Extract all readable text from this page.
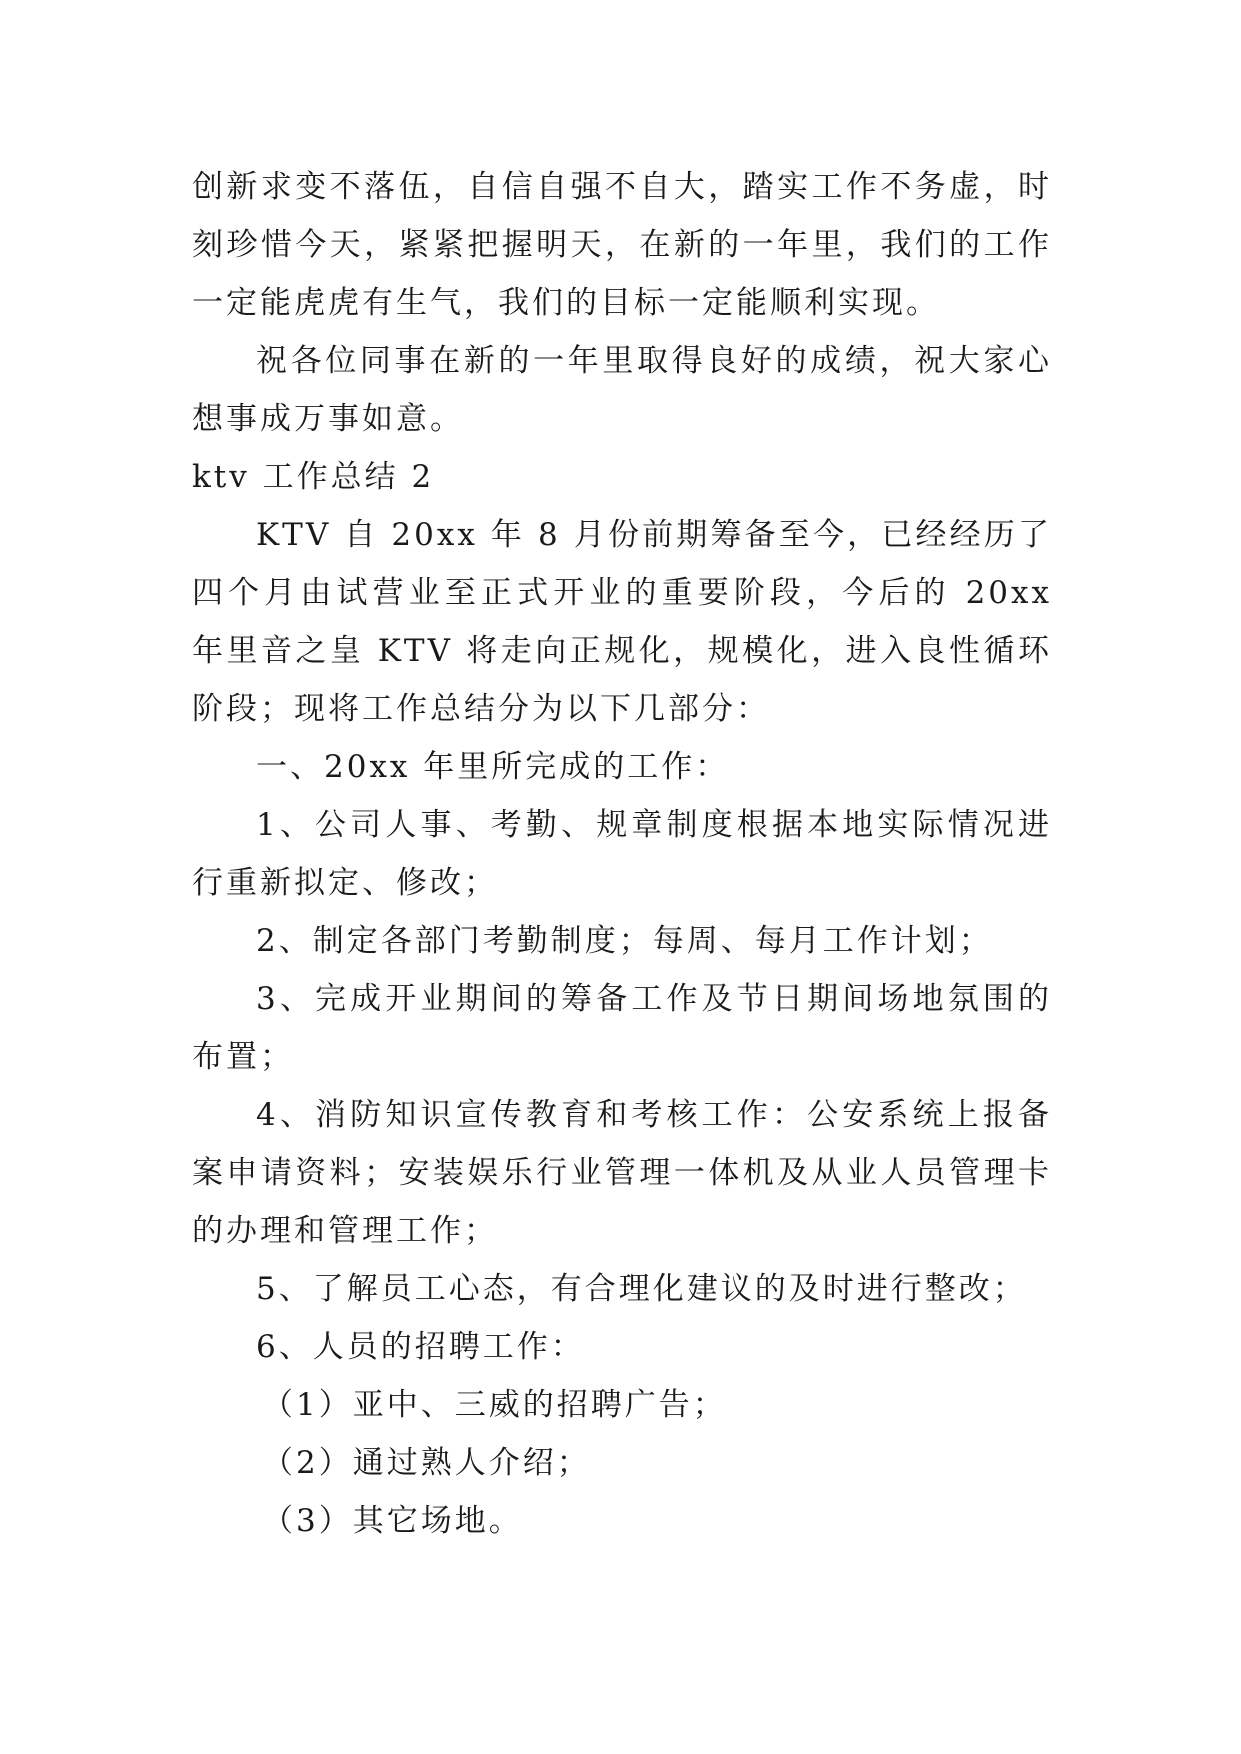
创新求变不落伍，自信自强不自大，踏实工作不务虚，时刻珍惜今天，紧紧把握明天，在新的一年里，我们的工作一定能虎虎有生气，我们的目标一定能顺利实现。

祝各位同事在新的一年里取得良好的成绩，祝大家心想事成万事如意。

ktv 工作总结 2

KTV 自 20xx 年 8 月份前期筹备至今，已经经历了四个月由试营业至正式开业的重要阶段，今后的 20xx 年里音之皇 KTV 将走向正规化，规模化，进入良性循环阶段；现将工作总结分为以下几部分：

一、20xx 年里所完成的工作：

1、公司人事、考勤、规章制度根据本地实际情况进行重新拟定、修改；

2、制定各部门考勤制度；每周、每月工作计划；

3、完成开业期间的筹备工作及节日期间场地氛围的布置；

4、消防知识宣传教育和考核工作：公安系统上报备案申请资料；安装娱乐行业管理一体机及从业人员管理卡的办理和管理工作；

5、了解员工心态，有合理化建议的及时进行整改；

6、人员的招聘工作：

（1）亚中、三威的招聘广告；

（2）通过熟人介绍；

（3）其它场地。
